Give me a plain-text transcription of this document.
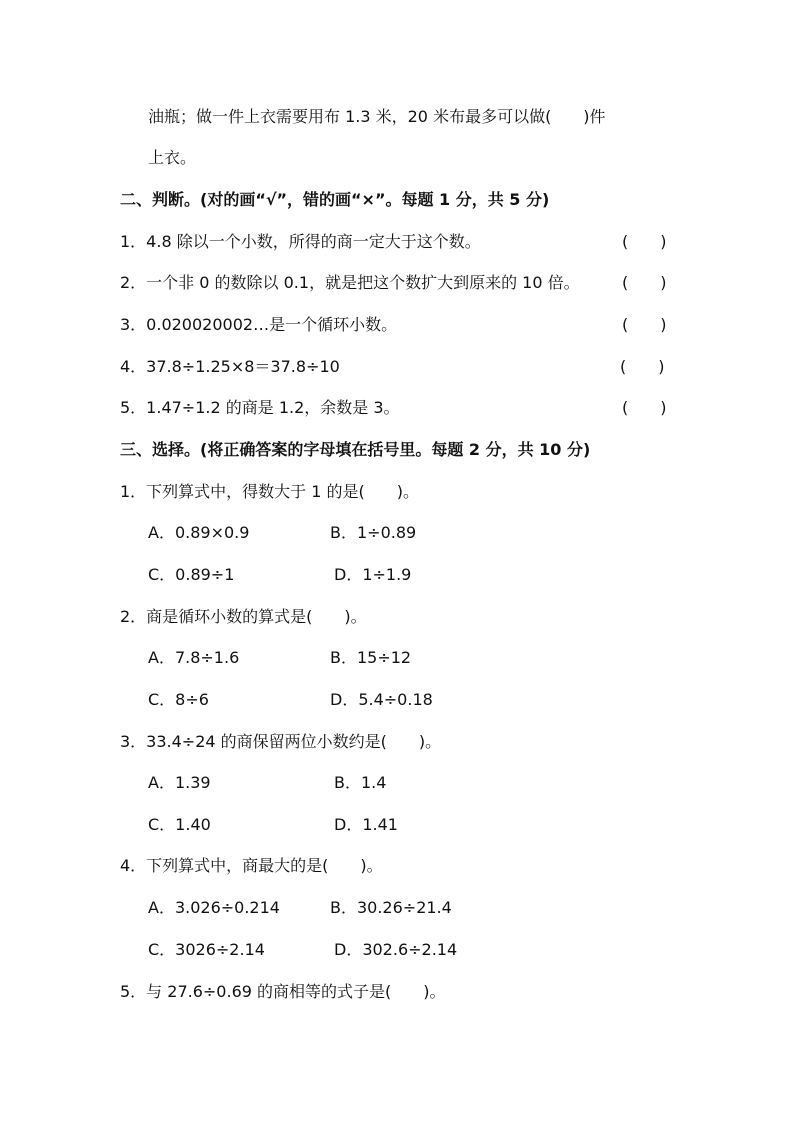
油瓶；做一件上衣需要用布 1.3 米，20 米布最多可以做(　　)件
上衣。
二、判断。(对的画“√”，错的画“×”。每题 1 分，共 5 分)
1．4.8 除以一个小数，所得的商一定大于这个数。	(　　)
2．一个非 0 的数除以 0.1，就是把这个数扩大到原来的 10 倍。	(　　)
3．0.020020002…是一个循环小数。	(　　)
4．37.8÷1.25×8＝37.8÷10	(　　)
5．1.47÷1.2 的商是 1.2，余数是 3。	(　　)
三、选择。(将正确答案的字母填在括号里。每题 2 分，共 10 分)
1．下列算式中，得数大于 1 的是(　　)。
A．0.89×0.9	B．1÷0.89
C．0.89÷1	D．1÷1.9
2．商是循环小数的算式是(　　)。
A．7.8÷1.6	B．15÷12
C．8÷6	D．5.4÷0.18
3．33.4÷24 的商保留两位小数约是(　　)。
A．1.39	B．1.4
C．1.40	D．1.41
4．下列算式中，商最大的是(　　)。
A．3.026÷0.214	B．30.26÷21.4
C．3026÷2.14	D．302.6÷2.14
5．与 27.6÷0.69 的商相等的式子是(　　)。
